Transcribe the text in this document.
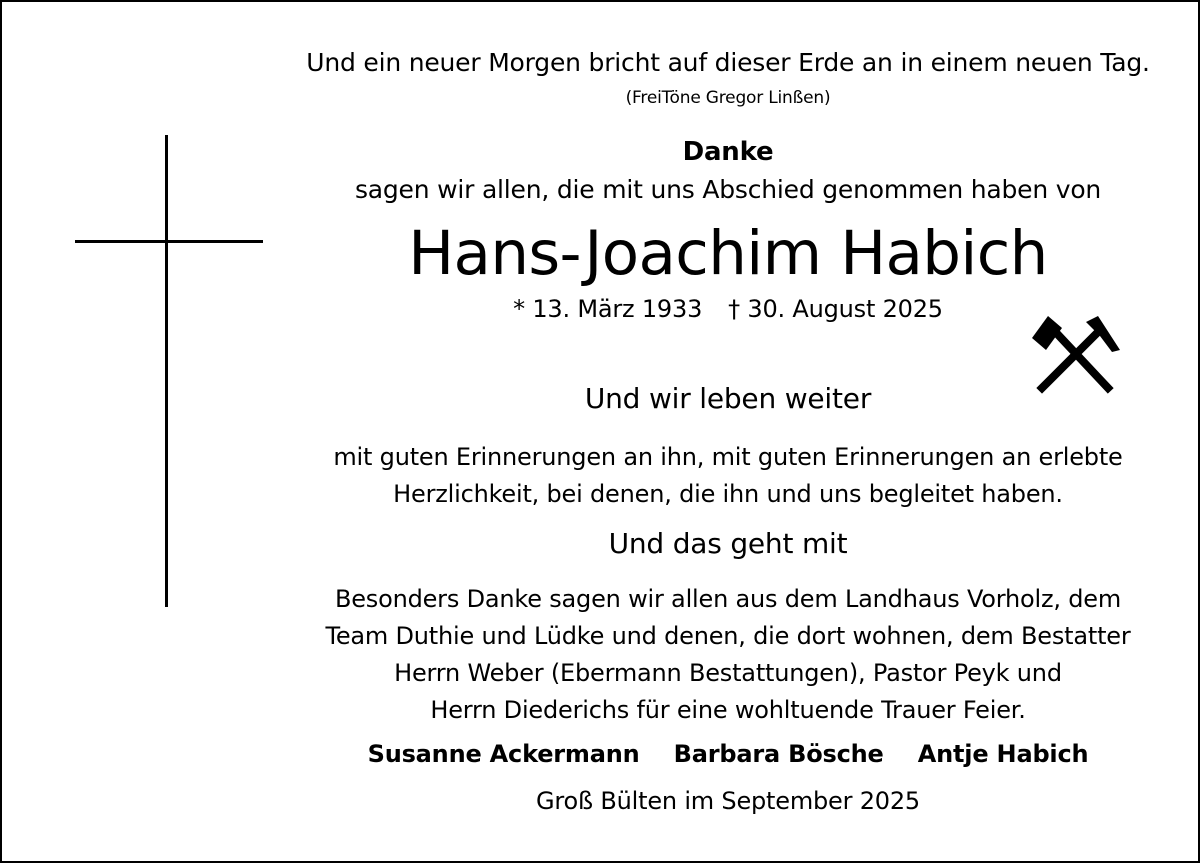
Und ein neuer Morgen bricht auf dieser Erde an in einem neuen Tag.
(FreiTöne Gregor Linßen)
Danke
sagen wir allen, die mit uns Abschied genommen haben von
Hans-Joachim Habich
* 13. März 1933 † 30. August 2025
Und wir leben weiter
mit guten Erinnerungen an ihn, mit guten Erinnerungen an erlebte
Herzlichkeit, bei denen, die ihn und uns begleitet haben.
Und das geht mit
Besonders Danke sagen wir allen aus dem Landhaus Vorholz, dem
Team Duthie und Lüdke und denen, die dort wohnen, dem Bestatter
Herrn Weber (Ebermann Bestattungen), Pastor Peyk und
Herrn Diederichs für eine wohltuende Trauer Feier.
Susanne Ackermann Barbara Bösche Antje Habich
Groß Bülten im September 2025
